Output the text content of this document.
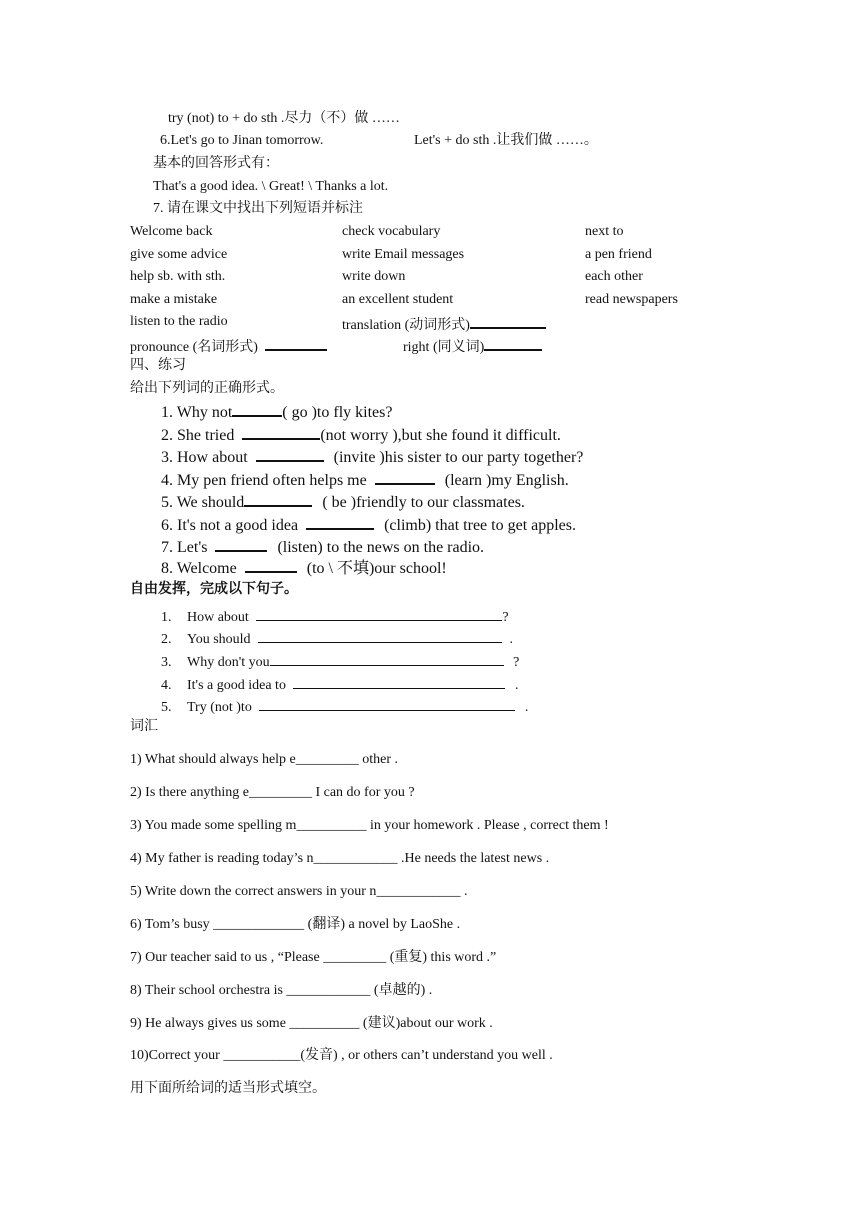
try (not) to + do sth .尽力（不）做 ……
6.Let's go to Jinan tomorrow.	Let's + do sth .让我们做 ……。
基本的回答形式有：
That's a good idea. \ Great! \ Thanks a lot.
7. 请在课文中找出下列短语并标注
Welcome back	check vocabulary	next to
give some advice	write Email messages	a pen friend
help sb. with sth.	write down	each other
make a mistake	an excellent student	read newspapers
listen to the radio	translation (动词形式)
pronounce (名词形式)	right (同义词)
四、练习
给出下列词的正确形式。
1. Why not	( go )to fly kites?
2. She tried	(not worry ),but she found it difficult.
3. How about	(invite )his sister to our party together?
4. My pen friend often helps me	(learn )my English.
5. We should	( be )friendly to our classmates.
6. It's not a good idea	(climb) that tree to get apples.
7. Let's	(listen) to the news on the radio.
8. Welcome	(to \ 不填)our school!
自由发挥，完成以下句子。
1. How about	?
2. You should	.
3. Why don't you	?
4. It's a good idea to	.
5. Try (not )to	.
词汇
1) What should always help e_________ other .
2) Is there anything e_________ I can do for you ?
3) You made some spelling m__________ in your homework . Please , correct them !
4) My father is reading today’s n____________ .He needs the latest news .
5) Write down the correct answers in your n____________ .
6) Tom’s busy _____________ (翻译) a novel by LaoShe .
7) Our teacher said to us , “Please _________ (重复) this word .”
8) Their school orchestra is ____________ (卓越的) .
9) He always gives us some __________ (建议)about our work .
10)Correct your ___________(发音) , or others can’t understand you well .
用下面所给词的适当形式填空。
